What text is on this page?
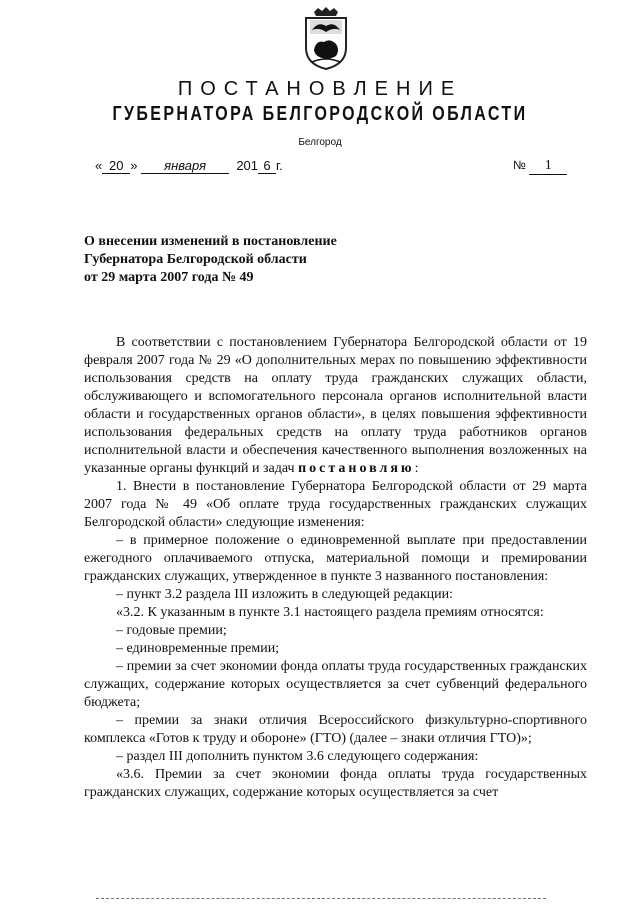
ПОСТАНОВЛЕНИЕ
ГУБЕРНАТОРА БЕЛГОРОДСКОЙ ОБЛАСТИ
Белгород
« 20 » января 201 6 г.	№ 1
О внесении изменений в постановление
Губернатора Белгородской области
от 29 марта 2007 года № 49

В соответствии с постановлением Губернатора Белгородской области от 19 февраля 2007 года № 29 «О дополнительных мерах по повышению эффективности использования средств на оплату труда гражданских служащих области, обслуживающего и вспомогательного персонала органов исполнительной власти области и государственных органов области», в целях повышения эффективности использования федеральных средств на оплату труда работников органов исполнительной власти и обеспечения качественного выполнения возложенных на указанные органы функций и задач постановляю:

1. Внести в постановление Губернатора Белгородской области от 29 марта 2007 года № 49 «Об оплате труда государственных гражданских служащих Белгородской области» следующие изменения:

– в примерное положение о единовременной выплате при предоставлении ежегодного оплачиваемого отпуска, материальной помощи и премировании гражданских служащих, утвержденное в пункте 3 названного постановления:

– пункт 3.2 раздела III изложить в следующей редакции:

«3.2. К указанным в пункте 3.1 настоящего раздела премиям относятся:

– годовые премии;

– единовременные премии;

– премии за счет экономии фонда оплаты труда государственных гражданских служащих, содержание которых осуществляется за счет субвенций федерального бюджета;

– премии за знаки отличия Всероссийского физкультурно-спортивного комплекса «Готов к труду и обороне» (ГТО) (далее – знаки отличия ГТО)»;

– раздел III дополнить пунктом 3.6 следующего содержания:

«3.6. Премии за счет экономии фонда оплаты труда государственных гражданских служащих, содержание которых осуществляется за счет
